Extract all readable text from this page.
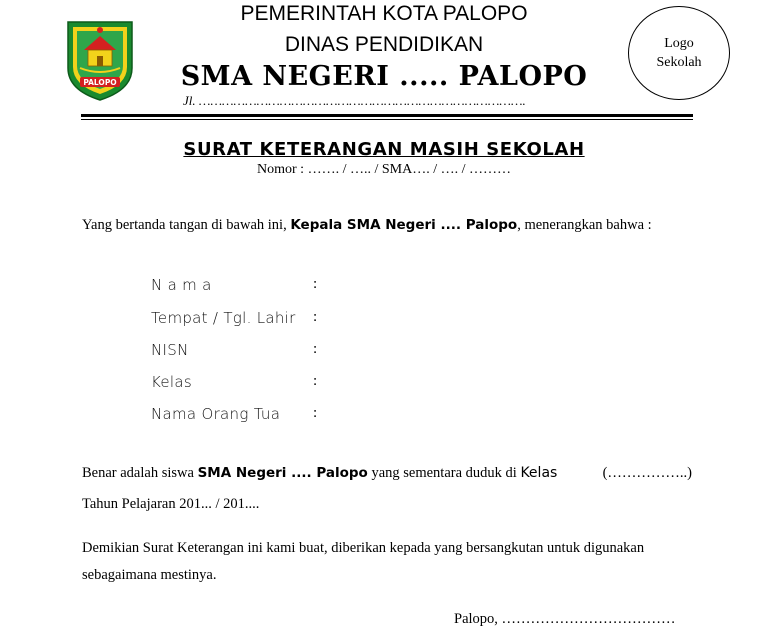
PALOPO
PEMERINTAH KOTA PALOPO
DINAS PENDIDIKAN
SMA NEGERI ..... PALOPO
Jl. ………………………………………………………………………….
Logo
Sekolah
SURAT KETERANGAN MASIH SEKOLAH
Nomor : ……. / ….. / SMA…. / …. / ………
Yang bertanda tangan di bawah ini, Kepala SMA Negeri .... Palopo, menerangkan bahwa :
N a m a	:
Tempat / Tgl. Lahir :
NISN	:
Kelas	:
Nama Orang Tua :
Benar adalah siswa SMA Negeri .... Palopo yang sementara duduk di Kelas	(……………..)
Tahun Pelajaran 201... / 201....
Demikian Surat Keterangan ini kami buat, diberikan kepada yang bersangkutan untuk digunakan
sebagaimana mestinya.
Palopo, ………………………………
